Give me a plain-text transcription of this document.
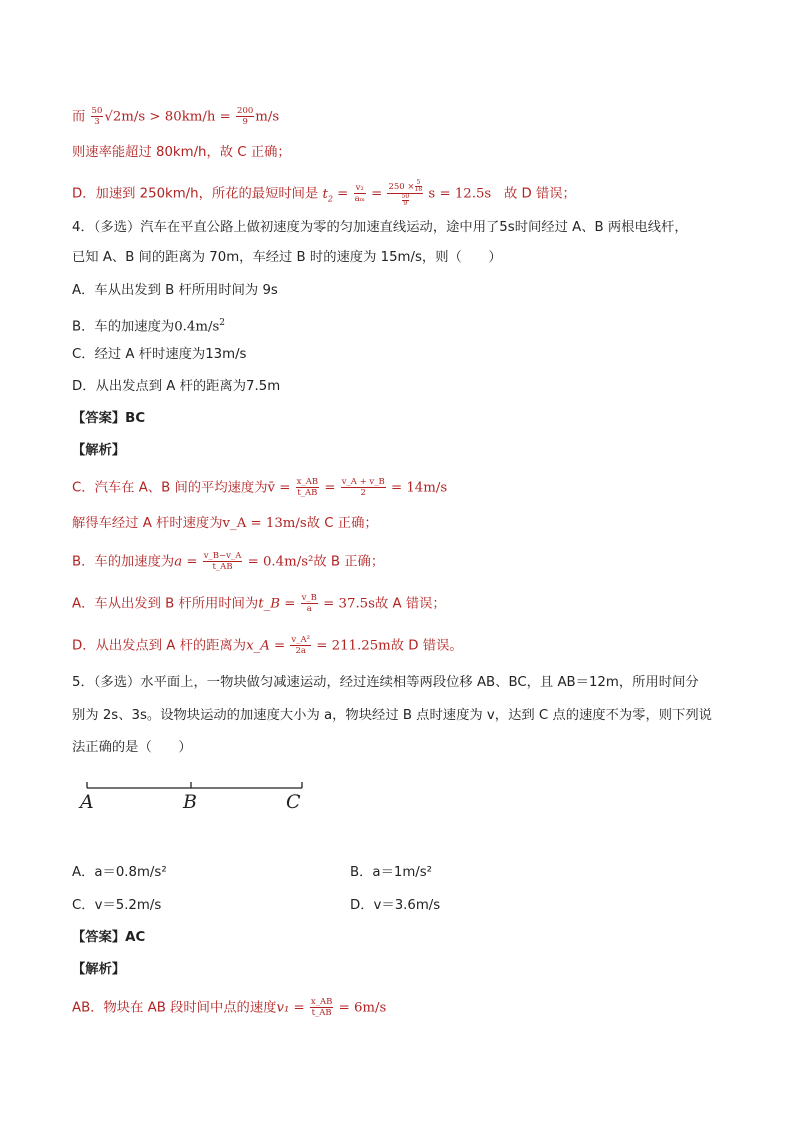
而 $\frac{50}{3} √2m/s > 80km/h = \frac{200}{9} m/s$
则速率能超过 80km/h，故 C 正确；
D．加速到 250km/h，所花的最短时间是 $t_2 = \frac{\text{v₂}}{\text{aₘ}} = \frac{250 \times \frac{5}{18}}{\frac{50}{9}}$ s = 12.5s 故 D 错误；
4．（多选）汽车在平直公路上做初速度为零的匀加速直线运动，途中用了5s时间经过 A、B 两根电线杆，
已知 A、B 间的距离为 70m，车经过 B 时的速度为 15m/s，则（　　）
A．车从出发到 B 杆所用时间为 9s
B．车的加速度为$0.4m/s^2$
C．经过 A 杆时速度为13m/s
D．从出发点到 A 杆的距离为7.5m
【答案】BC
【解析】
C．汽车在 A、B 间的平均速度为v̄ = $\frac{x\_AB}{t\_AB} = \frac{v\_A + v\_B}{2} = 14m/s$
解得车经过 A 杆时速度为v_A = 13m/s故 C 正确；
B．车的加速度为$a = \frac{v\_B-v\_A}{t\_AB} = 0.4m/s^2$故 B 正确；
A．车从出发到 B 杆所用时间为t_B = $\frac{v\_B}{a} = 37.5s$故 A 错误；
D．从出发点到 A 杆的距离为x_A = $\frac{\text{v\_A²}}{2a} = 211.25m$故 D 错误。
5．（多选）水平面上，一物块做匀减速运动，经过连续相等两段位移 AB、BC，且 AB＝12m，所用时间分
别为 2s、3s。设物块运动的加速度大小为 a，物块经过 B 点时速度为 v，达到 C 点的速度不为零，则下列说
法正确的是（　　）
A	B	C
A．a＝0.8m/s²	B．a＝1m/s²
C．v＝5.2m/s	D．v＝3.6m/s
【答案】AC
【解析】
AB．物块在 AB 段时间中点的速度$v_1 = \frac{x\_AB}{t\_AB} = 6m/s$
